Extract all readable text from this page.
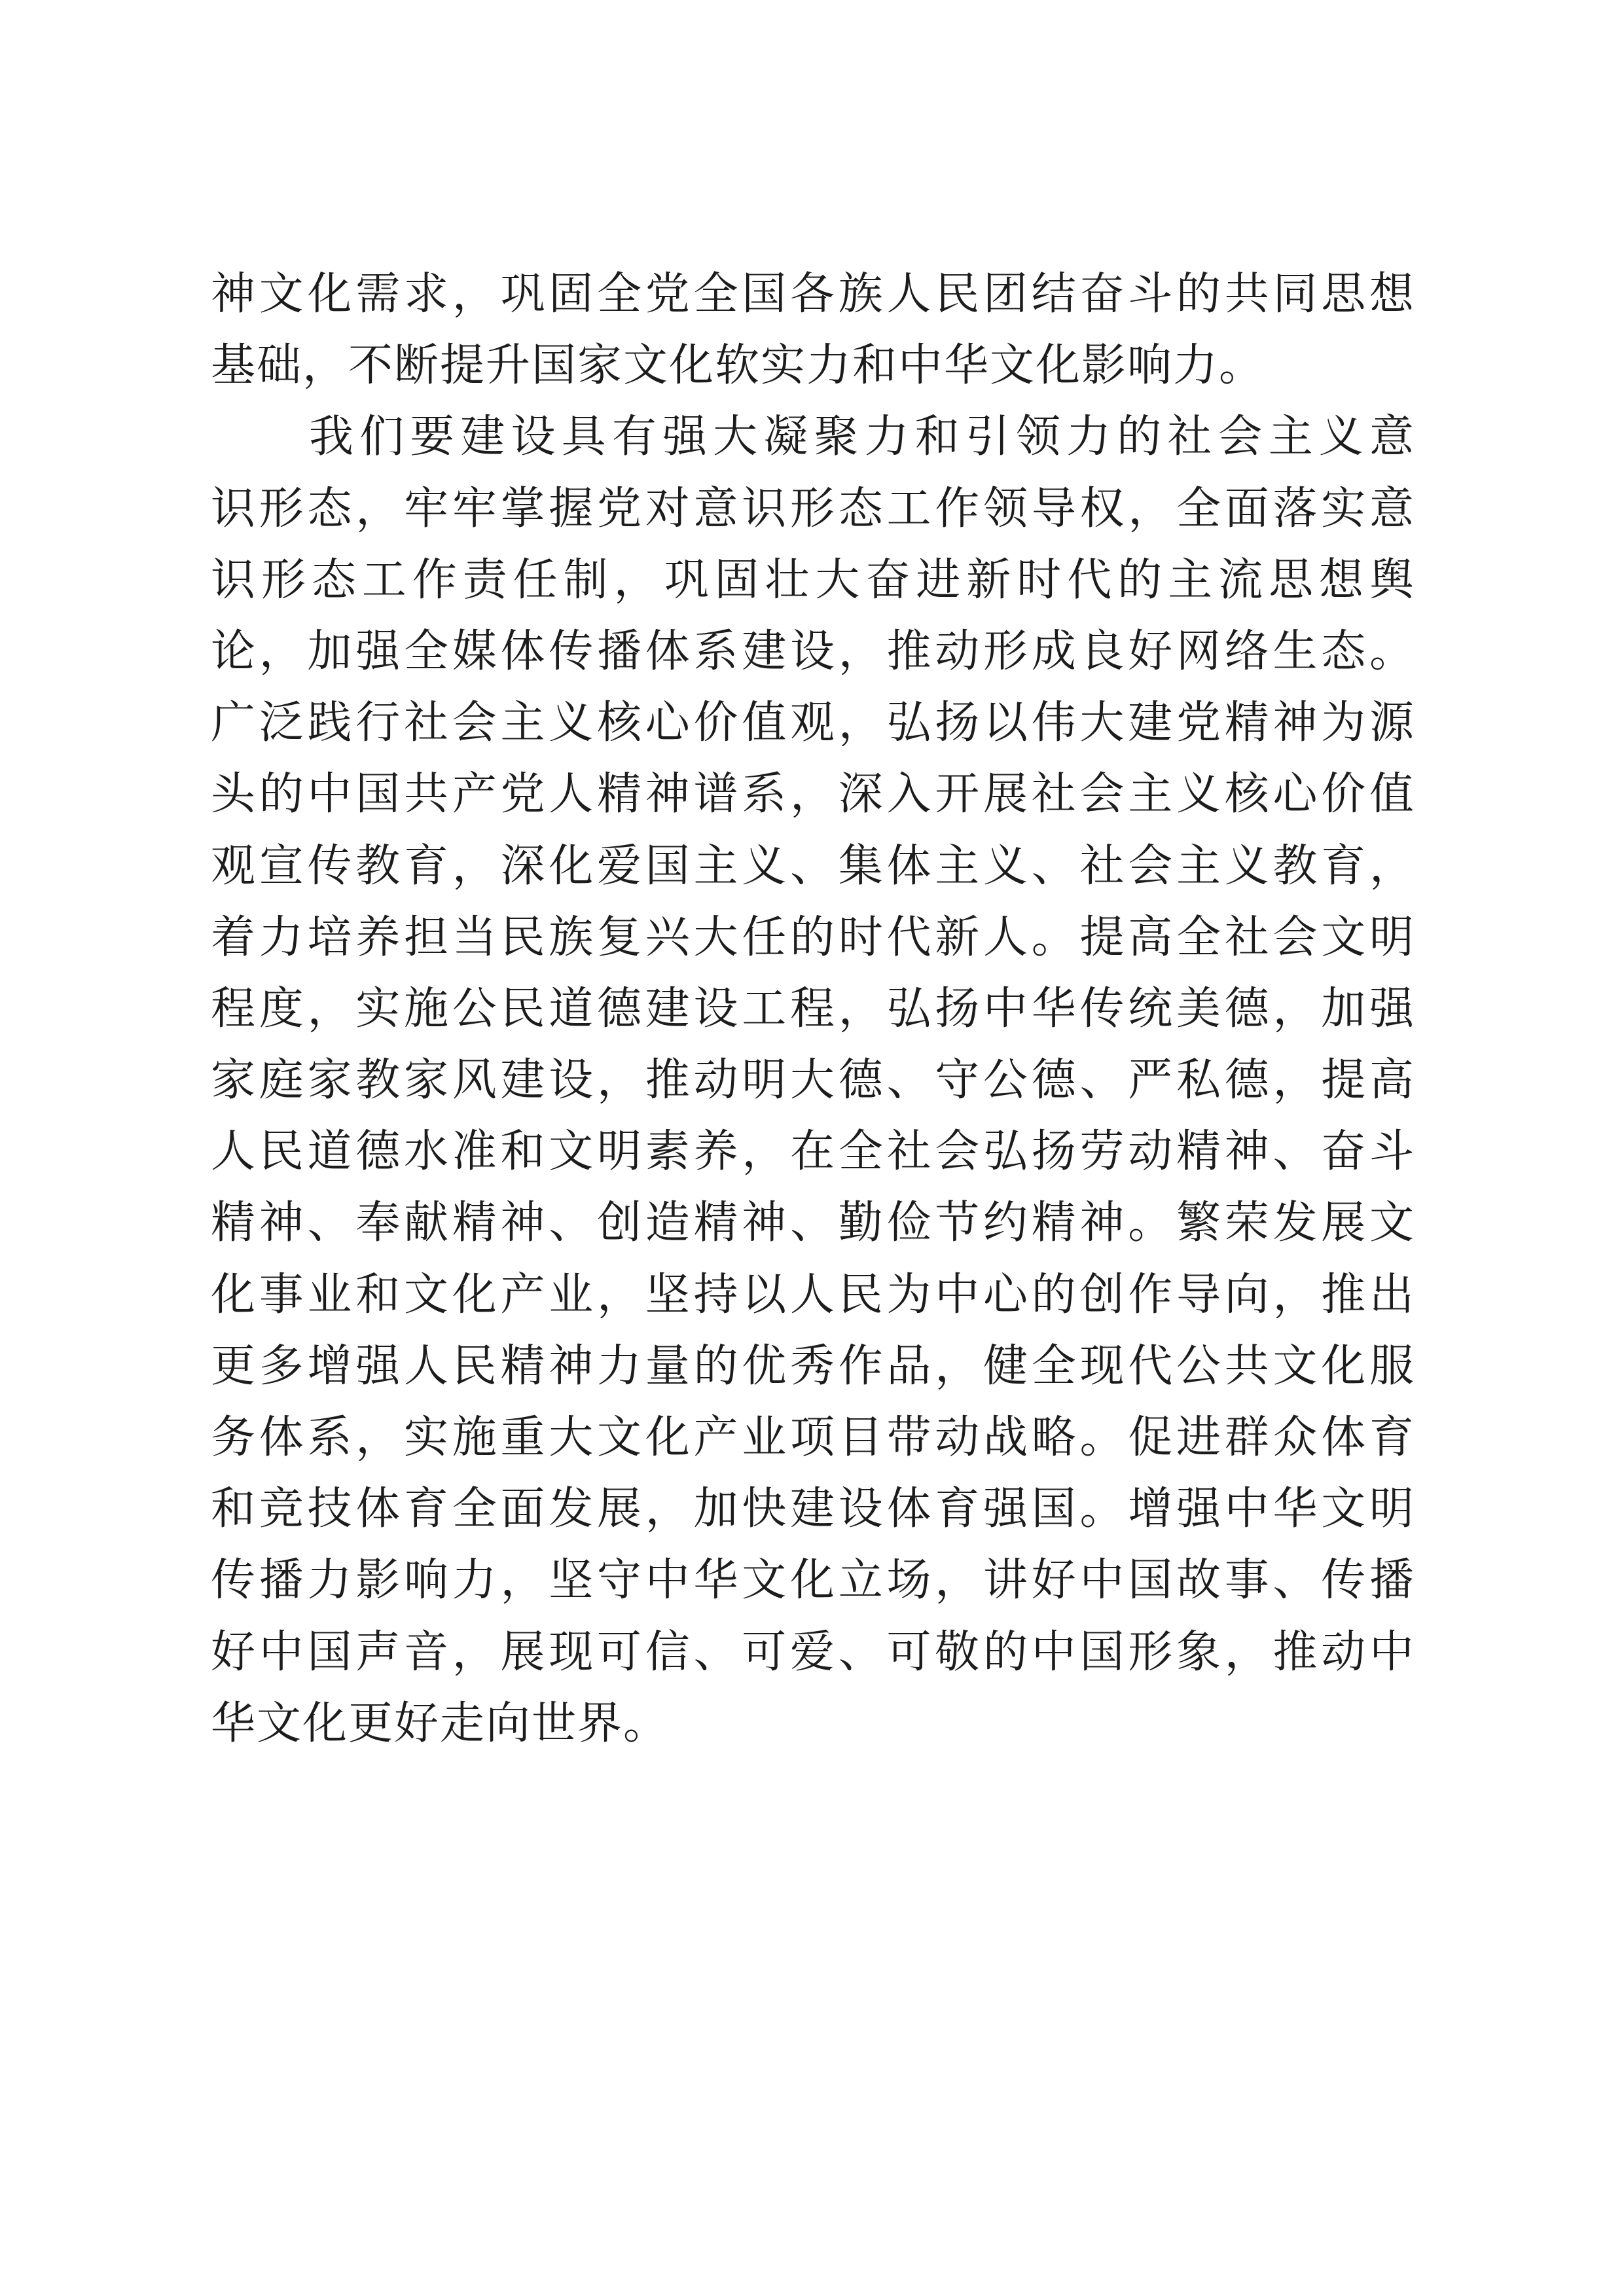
神文化需求，巩固全党全国各族人民团结奋斗的共同思想
基础，不断提升国家文化软实力和中华文化影响力。
我们要建设具有强大凝聚力和引领力的社会主义意
识形态，牢牢掌握党对意识形态工作领导权，全面落实意
识形态工作责任制，巩固壮大奋进新时代的主流思想舆
论，加强全媒体传播体系建设，推动形成良好网络生态。
广泛践行社会主义核心价值观，弘扬以伟大建党精神为源
头的中国共产党人精神谱系，深入开展社会主义核心价值
观宣传教育，深化爱国主义、集体主义、社会主义教育，
着力培养担当民族复兴大任的时代新人。提高全社会文明
程度，实施公民道德建设工程，弘扬中华传统美德，加强
家庭家教家风建设，推动明大德、守公德、严私德，提高
人民道德水准和文明素养，在全社会弘扬劳动精神、奋斗
精神、奉献精神、创造精神、勤俭节约精神。繁荣发展文
化事业和文化产业，坚持以人民为中心的创作导向，推出
更多增强人民精神力量的优秀作品，健全现代公共文化服
务体系，实施重大文化产业项目带动战略。促进群众体育
和竞技体育全面发展，加快建设体育强国。增强中华文明
传播力影响力，坚守中华文化立场，讲好中国故事、传播
好中国声音，展现可信、可爱、可敬的中国形象，推动中
华文化更好走向世界。
